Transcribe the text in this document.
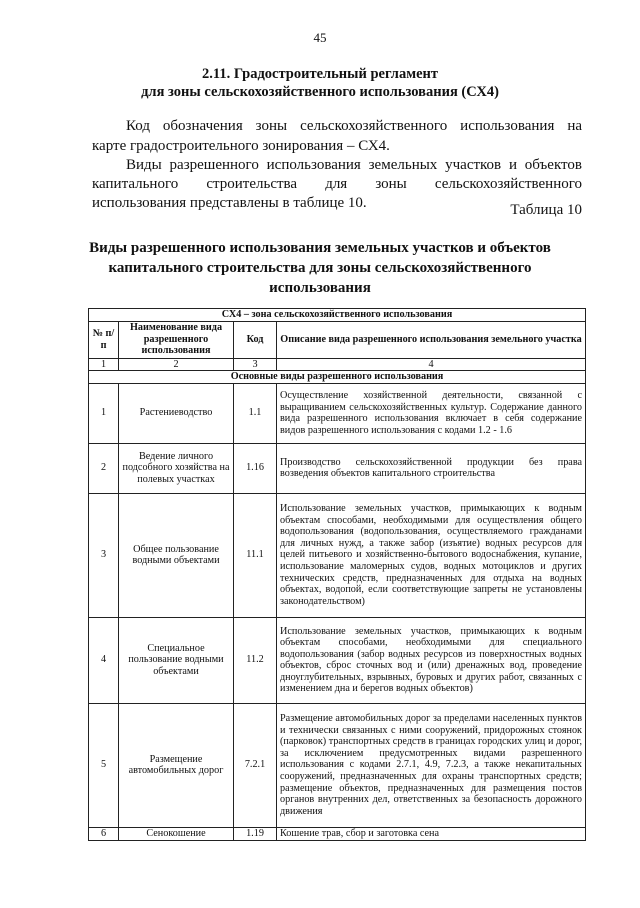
45
2.11. Градостроительный регламент
для зоны сельскохозяйственного использования (СХ4)
Код обозначения зоны сельскохозяйственного использования на
карте градостроительного зонирования – СХ4.
Виды разрешенного использования земельных участков и объектов
капитального строительства для зоны сельскохозяйственного
использования представлены в таблице 10.	Таблица 10
Виды разрешенного использования земельных участков и объектов
капитального строительства для зоны сельскохозяйственного
использования
СХ4 – зона сельскохозяйственного использования			
№ п/п	Наименование вида разрешенного использования	Код	Описание вида разрешенного использования земельного участка
1	2	3	4
Основные виды разрешенного использования			
1	Растениеводство	1.1	Осуществление хозяйственной деятельности, связанной с выращиванием сельскохозяйственных культур. Содержание данного вида разрешенного использования включает в себя содержание видов разрешенного использования с кодами 1.2 - 1.6
2	Ведение личного подсобного хозяйства на полевых участках	1.16	Производство сельскохозяйственной продукции без права возведения объектов капитального строительства
3	Общее пользование водными объектами	11.1	Использование земельных участков, примыкающих к водным объектам способами, необходимыми для осуществления общего водопользования (водопользования, осуществляемого гражданами для личных нужд, а также забор (изъятие) водных ресурсов для целей питьевого и хозяйственно-бытового водоснабжения, купание, использование маломерных судов, водных мотоциклов и других технических средств, предназначенных для отдыха на водных объектах, водопой, если соответствующие запреты не установлены законодательством)
4	Специальное пользование водными объектами	11.2	Использование земельных участков, примыкающих к водным объектам способами, необходимыми для специального водопользования (забор водных ресурсов из поверхностных водных объектов, сброс сточных вод и (или) дренажных вод, проведение дноуглубительных, взрывных, буровых и других работ, связанных с изменением дна и берегов водных объектов)
5	Размещение автомобильных дорог	7.2.1	Размещение автомобильных дорог за пределами населенных пунктов и технически связанных с ними сооружений, придорожных стоянок (парковок) транспортных средств в границах городских улиц и дорог, за исключением предусмотренных видами разрешенного использования с кодами 2.7.1, 4.9, 7.2.3, а также некапитальных сооружений, предназначенных для охраны транспортных средств; размещение объектов, предназначенных для размещения постов органов внутренних дел, ответственных за безопасность дорожного движения
6	Сенокошение	1.19	Кошение трав, сбор и заготовка сена
